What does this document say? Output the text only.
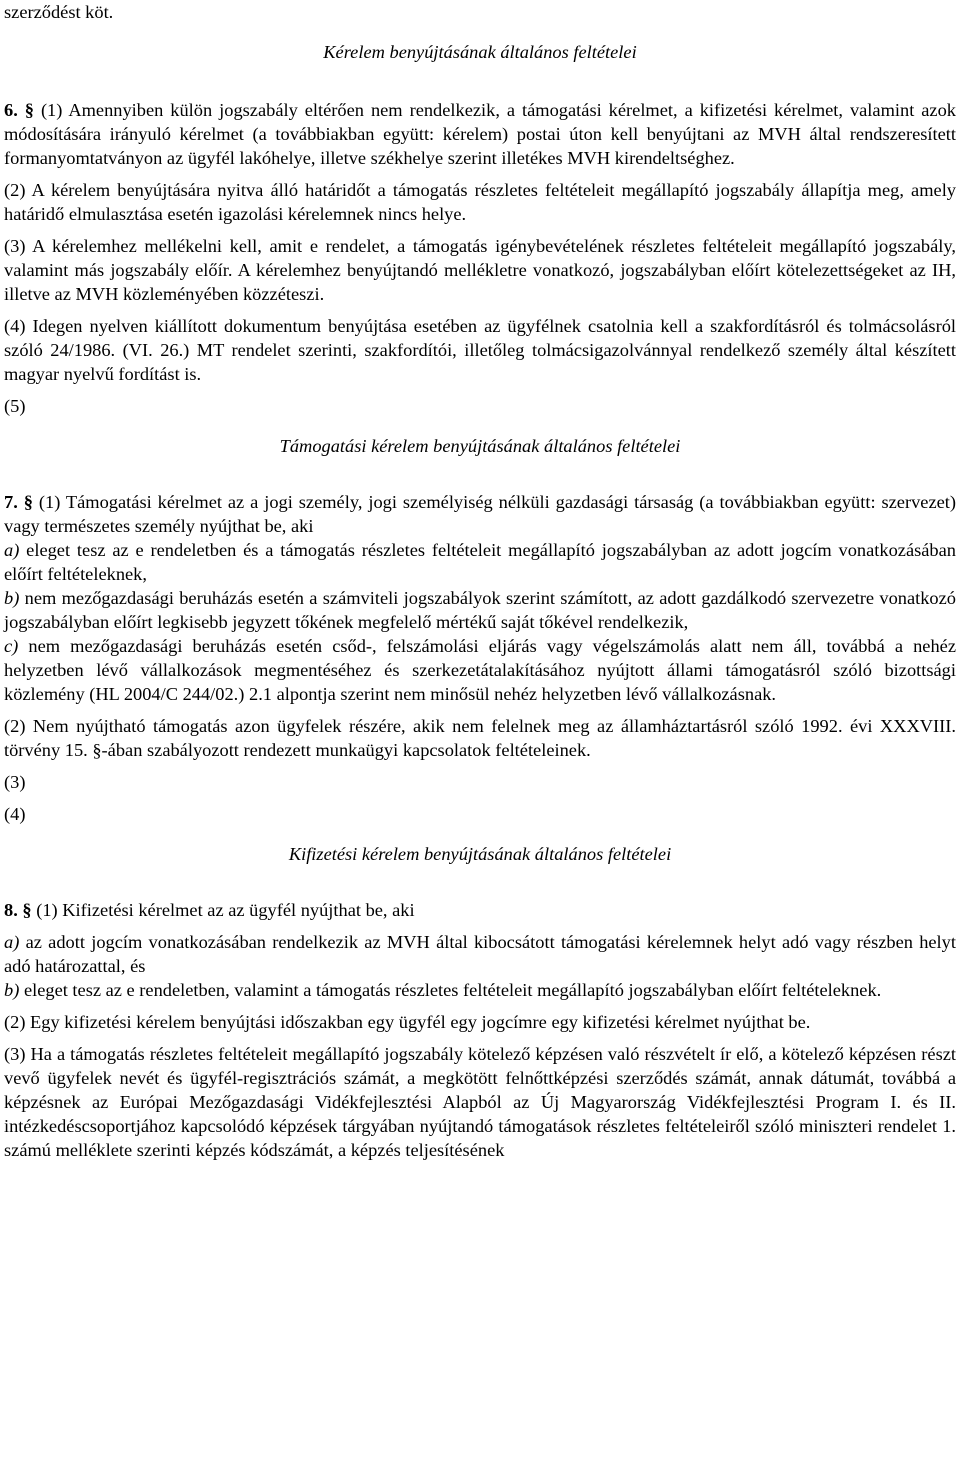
szerződést köt.

Kérelem benyújtásának általános feltételei

6. § (1) Amennyiben külön jogszabály eltérően nem rendelkezik, a támogatási kérelmet, a kifizetési kérelmet, valamint azok módosítására irányuló kérelmet (a továbbiakban együtt: kérelem) postai úton kell benyújtani az MVH által rendszeresített formanyomtatványon az ügyfél lakóhelye, illetve székhelye szerint illetékes MVH kirendeltséghez.

(2) A kérelem benyújtására nyitva álló határidőt a támogatás részletes feltételeit megállapító jogszabály állapítja meg, amely határidő elmulasztása esetén igazolási kérelemnek nincs helye.

(3) A kérelemhez mellékelni kell, amit e rendelet, a támogatás igénybevételének részletes feltételeit megállapító jogszabály, valamint más jogszabály előír. A kérelemhez benyújtandó mellékletre vonatkozó, jogszabályban előírt kötelezettségeket az IH, illetve az MVH közleményében közzéteszi.

(4) Idegen nyelven kiállított dokumentum benyújtása esetében az ügyfélnek csatolnia kell a szakfordításról és tolmácsolásról szóló 24/1986. (VI. 26.) MT rendelet szerinti, szakfordítói, illetőleg tolmácsigazolvánnyal rendelkező személy által készített magyar nyelvű fordítást is.

(5)

Támogatási kérelem benyújtásának általános feltételei

7. § (1) Támogatási kérelmet az a jogi személy, jogi személyiség nélküli gazdasági társaság (a továbbiakban együtt: szervezet) vagy természetes személy nyújthat be, aki

a) eleget tesz az e rendeletben és a támogatás részletes feltételeit megállapító jogszabályban az adott jogcím vonatkozásában előírt feltételeknek,

b) nem mezőgazdasági beruházás esetén a számviteli jogszabályok szerint számított, az adott gazdálkodó szervezetre vonatkozó jogszabályban előírt legkisebb jegyzett tőkének megfelelő mértékű saját tőkével rendelkezik,

c) nem mezőgazdasági beruházás esetén csőd-, felszámolási eljárás vagy végelszámolás alatt nem áll, továbbá a nehéz helyzetben lévő vállalkozások megmentéséhez és szerkezetátalakításához nyújtott állami támogatásról szóló bizottsági közlemény (HL 2004/C 244/02.) 2.1 alpontja szerint nem minősül nehéz helyzetben lévő vállalkozásnak.

(2) Nem nyújtható támogatás azon ügyfelek részére, akik nem felelnek meg az államháztartásról szóló 1992. évi XXXVIII. törvény 15. §-ában szabályozott rendezett munkaügyi kapcsolatok feltételeinek.

(3)

(4)

Kifizetési kérelem benyújtásának általános feltételei

8. § (1) Kifizetési kérelmet az az ügyfél nyújthat be, aki

a) az adott jogcím vonatkozásában rendelkezik az MVH által kibocsátott támogatási kérelemnek helyt adó vagy részben helyt adó határozattal, és

b) eleget tesz az e rendeletben, valamint a támogatás részletes feltételeit megállapító jogszabályban előírt feltételeknek.

(2) Egy kifizetési kérelem benyújtási időszakban egy ügyfél egy jogcímre egy kifizetési kérelmet nyújthat be.

(3) Ha a támogatás részletes feltételeit megállapító jogszabály kötelező képzésen való részvételt ír elő, a kötelező képzésen részt vevő ügyfelek nevét és ügyfél-regisztrációs számát, a megkötött felnőttképzési szerződés számát, annak dátumát, továbbá a képzésnek az Európai Mezőgazdasági Vidékfejlesztési Alapból az Új Magyarország Vidékfejlesztési Program I. és II. intézkedéscsoportjához kapcsolódó képzések tárgyában nyújtandó támogatások részletes feltételeiről szóló miniszteri rendelet 1. számú melléklete szerinti képzés kódszámát, a képzés teljesítésének
